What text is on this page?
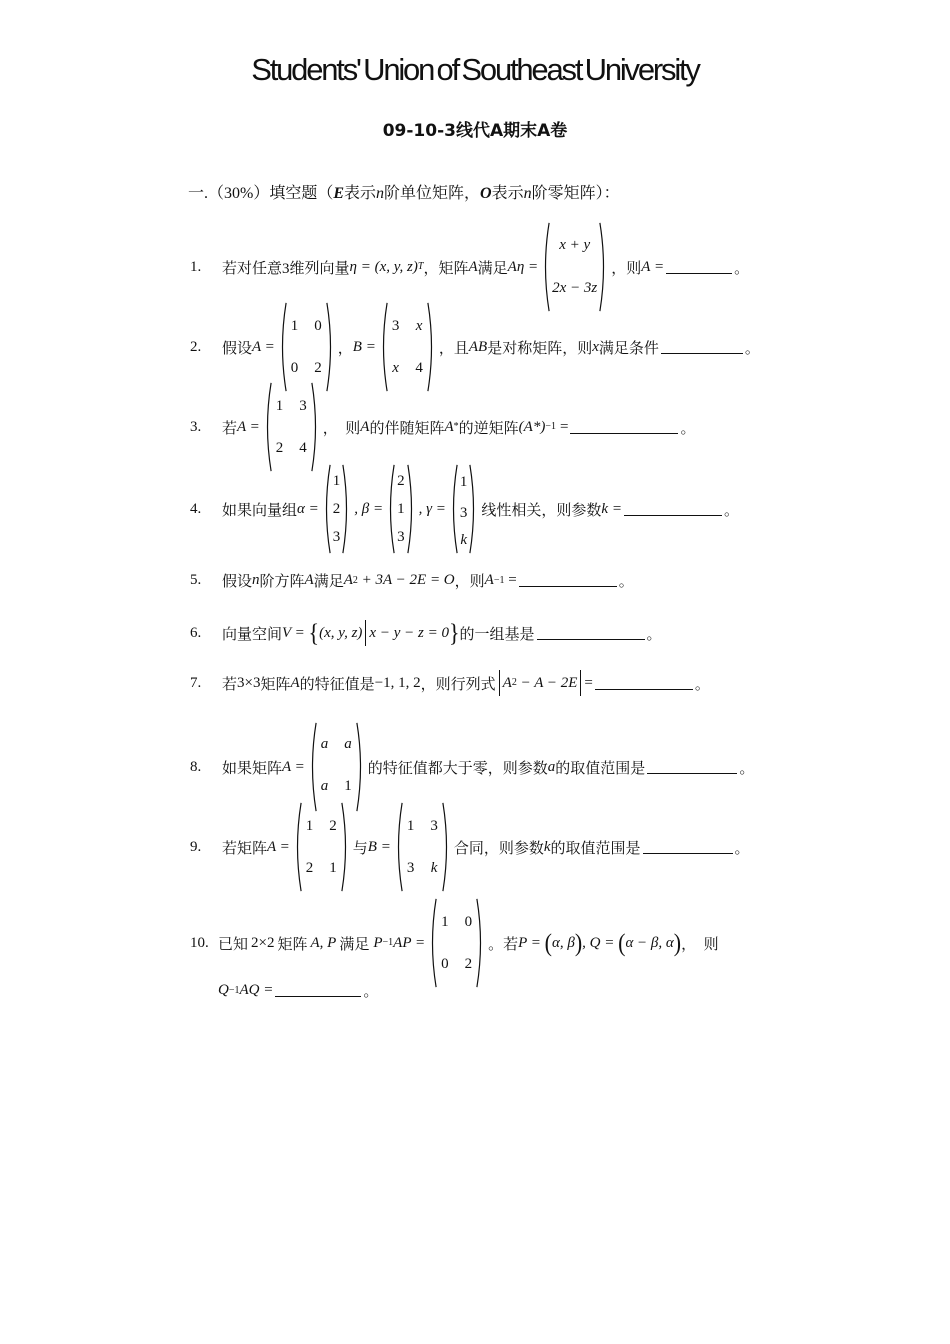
Students' Union of Southeast University
09-10-3线代A期末A卷
一.（30%）填空题（E表示n阶单位矩阵，O表示n阶零矩阵）：
1.	若对任意3维列向量 η = (x, y, z) T ，矩阵 A 满足 Aη =
x + y
2x − 3z
，则 A =	。
2.	假设 A =
1 0
0 2
， B =
3 x
x 4
，且 AB 是对称矩阵，则 x 满足条件	。
3.	若 A =
1 3
2 4
，　则 A 的伴随矩阵 A * 的逆矩阵 (A*) −1 =	。
4.	如果向量组 α =
1
2
3
, β =
2
1
3
, γ =
1
3
k
线性相关，则参数 k =	。
5.	假设 n 阶方阵 A 满足 A 2 + 3A − 2E = O ，则 A −1 =	。
6.	向量空间 V = { (x, y, z) x − y − z = 0 } 的一组基是	。
7.	若 3×3 矩阵 A 的特征值是 −1, 1, 2 ，则行列式 A 2 − A − 2E =	。
8.	如果矩阵 A =
a a
a 1
的特征值都大于零，则参数 a 的取值范围是	。
9.	若矩阵 A =
1 2
2 1
与 B =
1 3
3 k
合同，则参数 k 的取值范围是	。
10. 已知 2×2 矩阵 A, P 满足 P −1 AP =
1 0
0 2
。若 P = ( α, β ) , Q = ( α − β, α ) ，　则
Q −1 AQ =	。
